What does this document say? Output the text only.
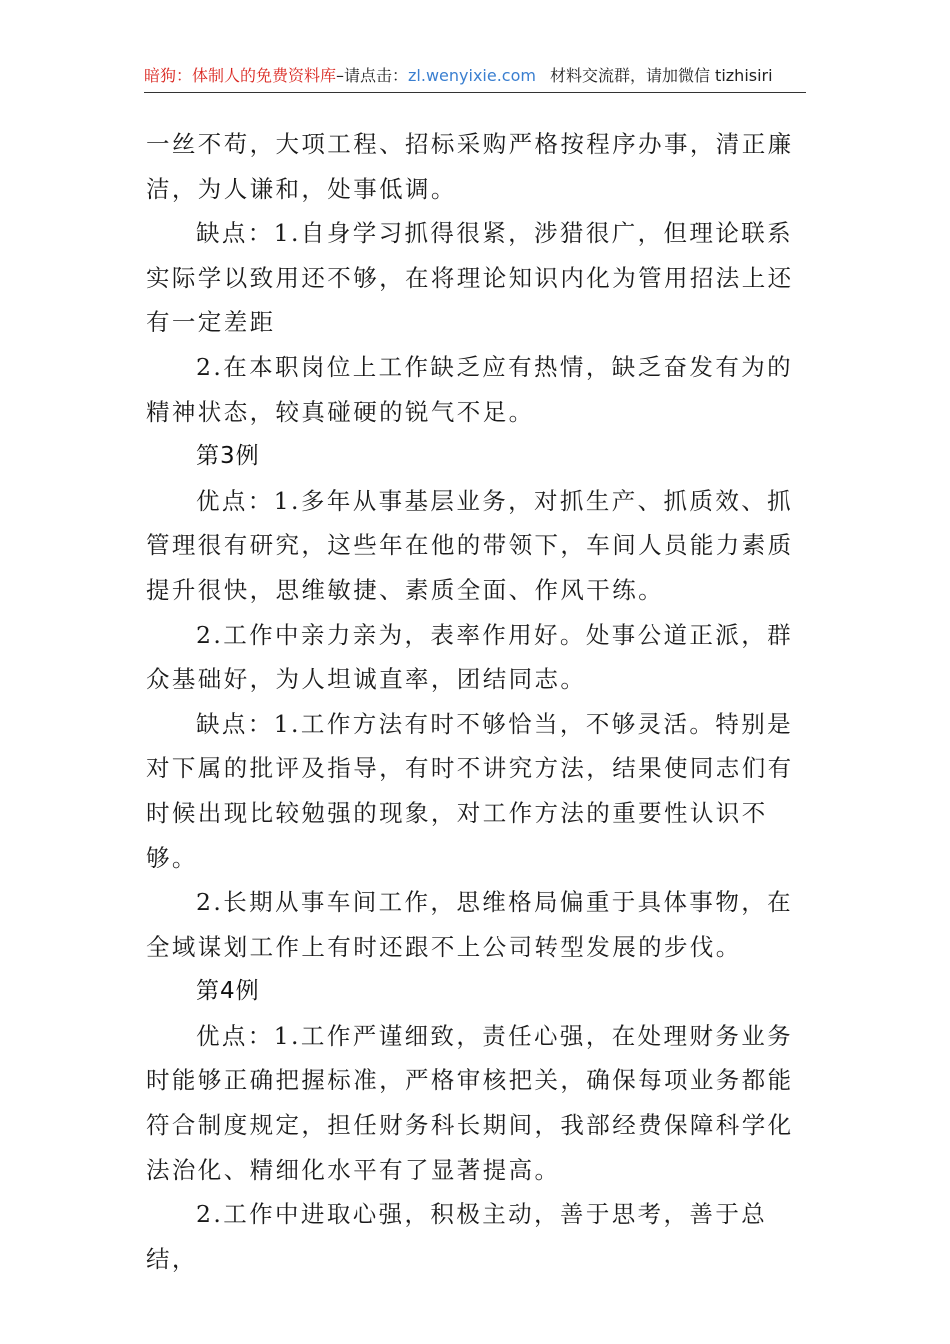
暗狗：体制人的免费资料库–请点击：zl.wenyixie.com 材料交流群，请加微信 tizhisiri

一丝不苟，大项工程、招标采购严格按程序办事，清正廉洁，为人谦和，处事低调。

缺点：1.自身学习抓得很紧，涉猎很广，但理论联系实际学以致用还不够，在将理论知识内化为管用招法上还有一定差距

2.在本职岗位上工作缺乏应有热情，缺乏奋发有为的精神状态，较真碰硬的锐气不足。

第3例

优点：1.多年从事基层业务，对抓生产、抓质效、抓管理很有研究，这些年在他的带领下，车间人员能力素质提升很快，思维敏捷、素质全面、作风干练。

2.工作中亲力亲为，表率作用好。处事公道正派，群众基础好，为人坦诚直率，团结同志。

缺点：1.工作方法有时不够恰当，不够灵活。特别是对下属的批评及指导，有时不讲究方法，结果使同志们有时候出现比较勉强的现象，对工作方法的重要性认识不够。

2.长期从事车间工作，思维格局偏重于具体事物，在全域谋划工作上有时还跟不上公司转型发展的步伐。

第4例

优点：1.工作严谨细致，责任心强，在处理财务业务时能够正确把握标准，严格审核把关，确保每项业务都能符合制度规定，担任财务科长期间，我部经费保障科学化法治化、精细化水平有了显著提高。

2.工作中进取心强，积极主动，善于思考，善于总结，
